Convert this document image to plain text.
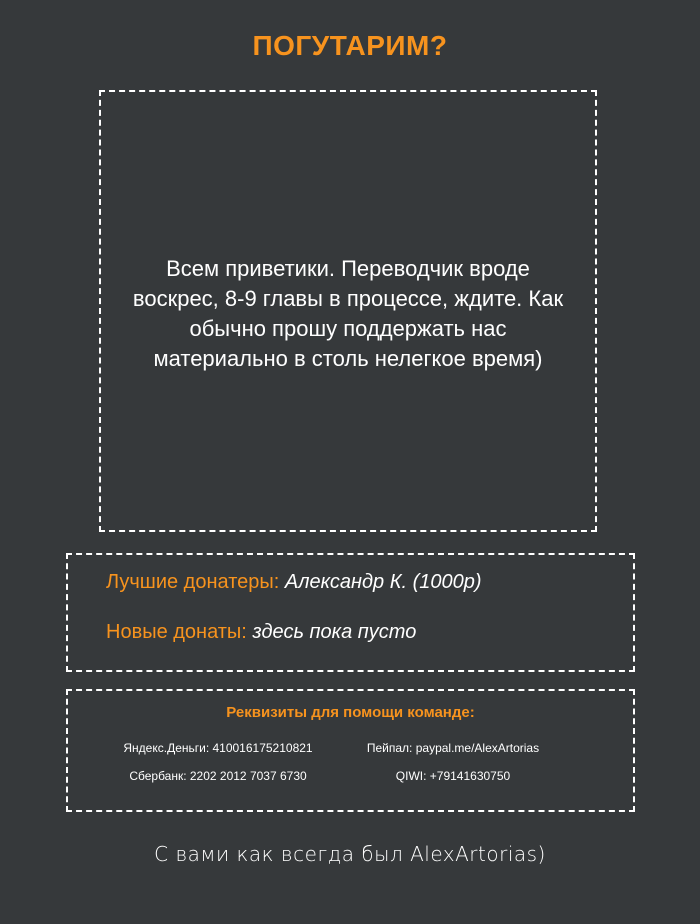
ПОГУТАРИМ?
Всем приветики. Переводчик вроде воскрес, 8-9 главы в процессе, ждите. Как обычно прошу поддержать нас материально в столь нелегкое время)
Лучшие донатеры: Александр К. (1000р)
Новые донаты: здесь пока пусто
Реквизиты для помощи команде:
Яндекс.Деньги: 410016175210821	Пейпал: paypal.me/AlexArtorias
Сбербанк: 2202 2012 7037 6730	QIWI: +79141630750
С вами как всегда был AlexArtorias)
